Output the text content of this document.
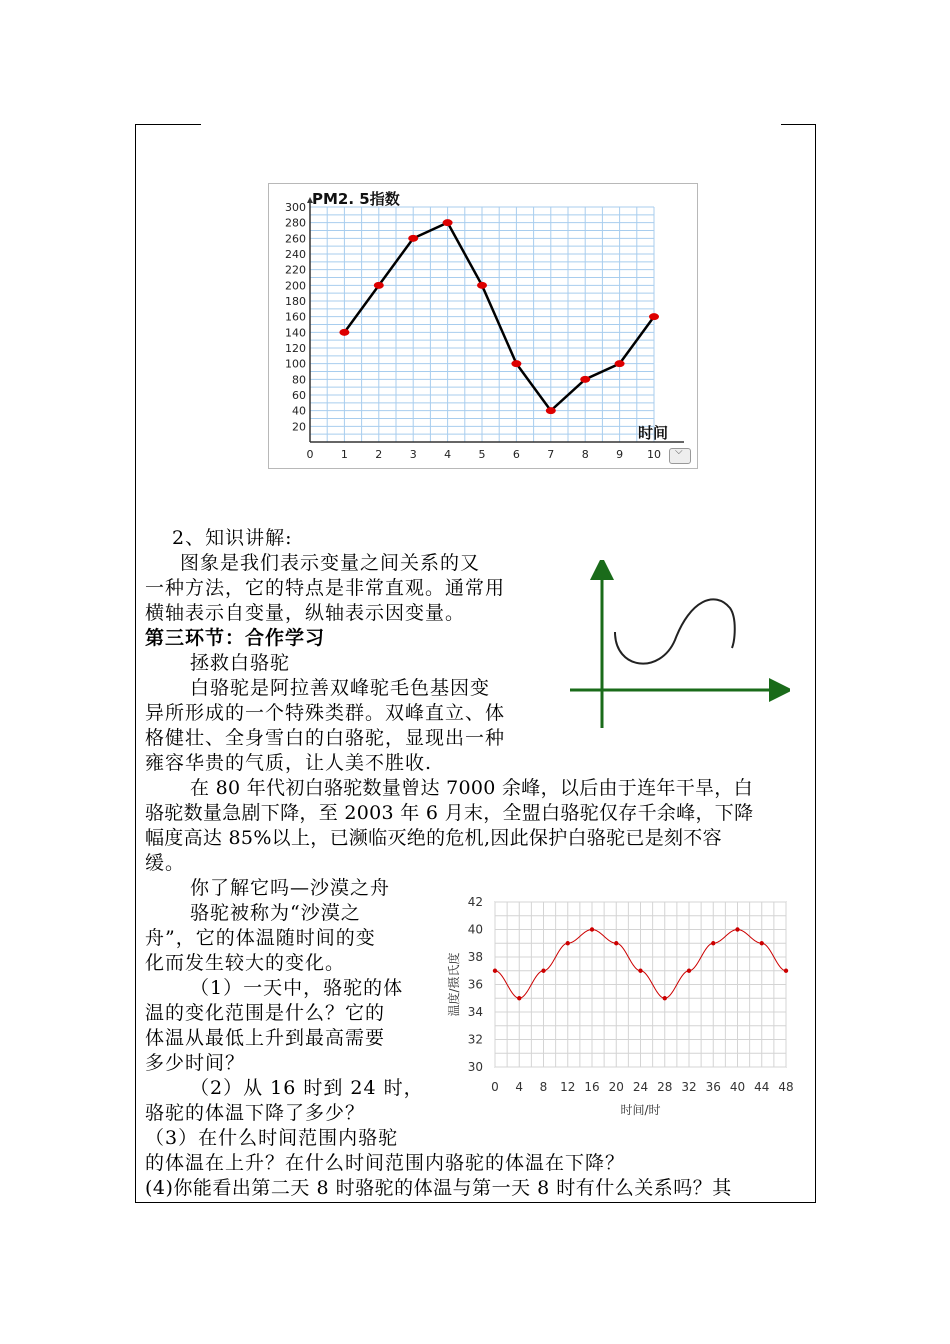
20
40
60
80
100
120
140
160
180
200
220
240
260
280
300
0 1 2 3 4 5 6 7 8 9 10
PM2. 5指数
时间
⌵
2、知识讲解:
图象是我们表示变量之间关系的又
一种方法，它的特点是非常直观。通常用
横轴表示自变量，纵轴表示因变量。
第三环节：合作学习
拯救白骆驼
白骆驼是阿拉善双峰驼毛色基因变
异所形成的一个特殊类群。双峰直立、体
格健壮、全身雪白的白骆驼，显现出一种
雍容华贵的气质，让人美不胜收.
在 80 年代初白骆驼数量曾达 7000 余峰，以后由于连年干旱，白
骆驼数量急剧下降，至 2003 年 6 月末，全盟白骆驼仅存千余峰，下降
幅度高达 85%以上，已濒临灭绝的危机,因此保护白骆驼已是刻不容
缓。
你了解它吗—沙漠之舟
骆驼被称为“沙漠之
舟”，它的体温随时间的变
化而发生较大的变化。
（1）一天中，骆驼的体
温的变化范围是什么？它的
体温从最低上升到最高需要
多少时间？
（2）从 16 时到 24 时，
骆驼的体温下降了多少？
（3）在什么时间范围内骆驼
的体温在上升？在什么时间范围内骆驼的体温在下降？
(4)你能看出第二天 8 时骆驼的体温与第一天 8 时有什么关系吗？其
30
32
34
36
38
40
42
0 4 8 12 16 20 24 28 32 36 40 44 48
时间/时
温度/摄氏度
